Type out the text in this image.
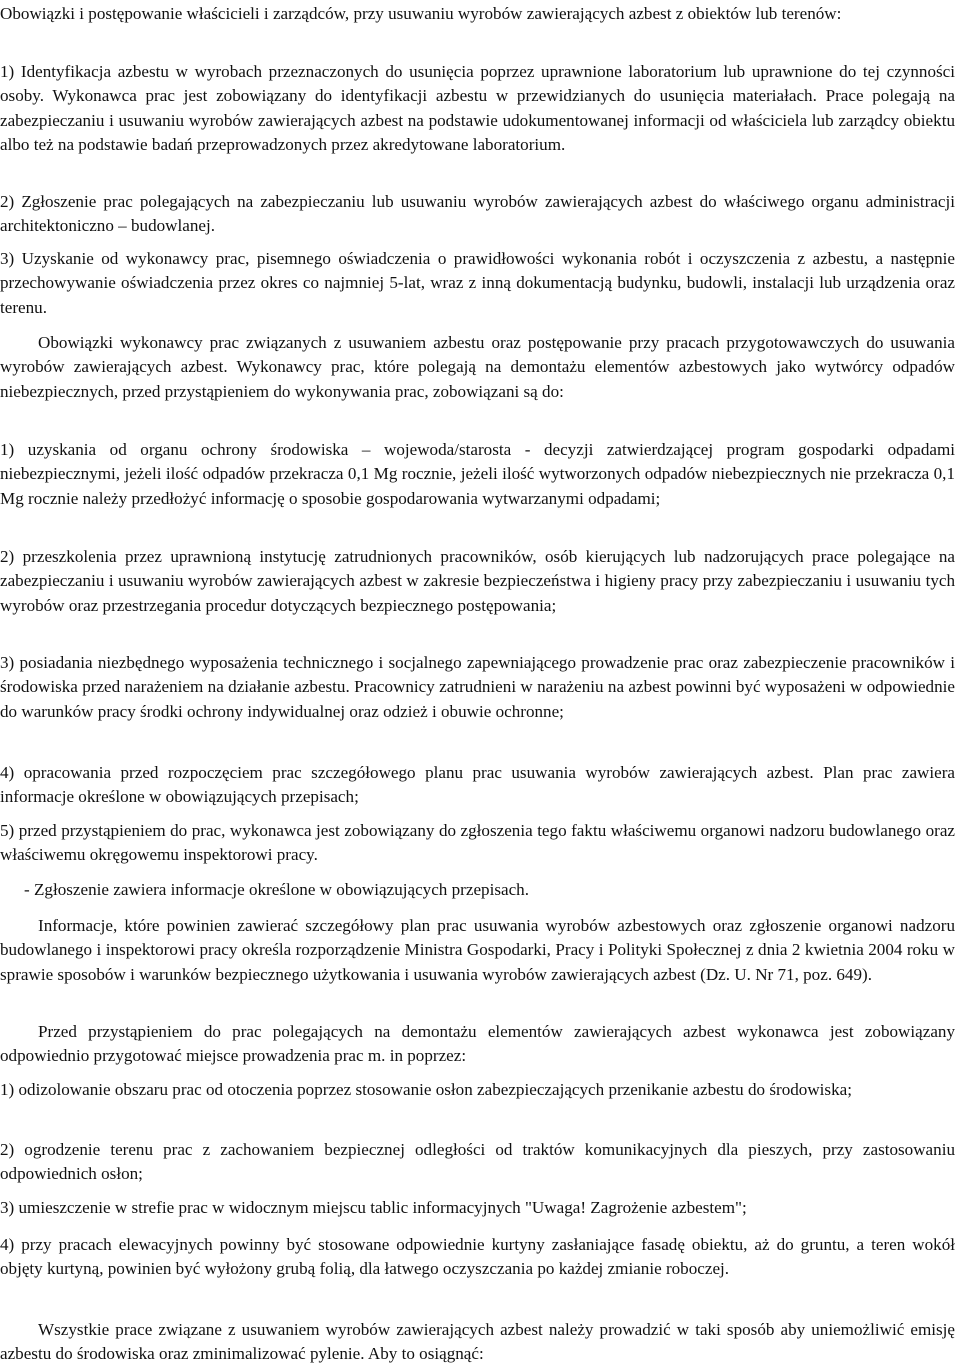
Obowiązki i postępowanie właścicieli i zarządców, przy usuwaniu wyrobów zawierających azbest z obiektów lub terenów:

1) Identyfikacja azbestu w wyrobach przeznaczonych do usunięcia poprzez uprawnione laboratorium lub uprawnione do tej czynności osoby. Wykonawca prac jest zobowiązany do identyfikacji azbestu w przewidzianych do usunięcia materiałach. Prace polegają na zabezpieczaniu i usuwaniu wyrobów zawierających azbest na podstawie udokumentowanej informacji od właściciela lub zarządcy obiektu albo też na podstawie badań przeprowadzonych przez akredytowane laboratorium.

2) Zgłoszenie prac polegających na zabezpieczaniu lub usuwaniu wyrobów zawierających azbest do właściwego organu administracji architektoniczno – budowlanej.

3) Uzyskanie od wykonawcy prac, pisemnego oświadczenia o prawidłowości wykonania robót i oczyszczenia z azbestu, a następnie przechowywanie oświadczenia przez okres co najmniej 5-lat, wraz z inną dokumentacją budynku, budowli, instalacji lub urządzenia oraz terenu.

Obowiązki wykonawcy prac związanych z usuwaniem azbestu oraz postępowanie przy pracach przygotowawczych do usuwania wyrobów zawierających azbest. Wykonawcy prac, które polegają na demontażu elementów azbestowych jako wytwórcy odpadów niebezpiecznych, przed przystąpieniem do wykonywania prac, zobowiązani są do:

1) uzyskania od organu ochrony środowiska – wojewoda/starosta - decyzji zatwierdzającej program gospodarki odpadami niebezpiecznymi, jeżeli ilość odpadów przekracza 0,1 Mg rocznie, jeżeli ilość wytworzonych odpadów niebezpiecznych nie przekracza 0,1 Mg rocznie należy przedłożyć informację o sposobie gospodarowania wytwarzanymi odpadami;

2) przeszkolenia przez uprawnioną instytucję zatrudnionych pracowników, osób kierujących lub nadzorujących prace polegające na zabezpieczaniu i usuwaniu wyrobów zawierających azbest w zakresie bezpieczeństwa i higieny pracy przy zabezpieczaniu i usuwaniu tych wyrobów oraz przestrzegania procedur dotyczących bezpiecznego postępowania;

3) posiadania niezbędnego wyposażenia technicznego i socjalnego zapewniającego prowadzenie prac oraz zabezpieczenie pracowników i środowiska przed narażeniem na działanie azbestu. Pracownicy zatrudnieni w narażeniu na azbest powinni być wyposażeni w odpowiednie do warunków pracy środki ochrony indywidualnej oraz odzież i obuwie ochronne;

4) opracowania przed rozpoczęciem prac szczegółowego planu prac usuwania wyrobów zawierających azbest. Plan prac zawiera informacje określone w obowiązujących przepisach;

5) przed przystąpieniem do prac, wykonawca jest zobowiązany do zgłoszenia tego faktu właściwemu organowi nadzoru budowlanego oraz właściwemu okręgowemu inspektorowi pracy.

- Zgłoszenie zawiera informacje określone w obowiązujących przepisach.

Informacje, które powinien zawierać szczegółowy plan prac usuwania wyrobów azbestowych oraz zgłoszenie organowi nadzoru budowlanego i inspektorowi pracy określa rozporządzenie Ministra Gospodarki, Pracy i Polityki Społecznej z dnia 2 kwietnia 2004 roku w sprawie sposobów i warunków bezpiecznego użytkowania i usuwania wyrobów zawierających azbest (Dz. U. Nr 71, poz. 649).

Przed przystąpieniem do prac polegających na demontażu elementów zawierających azbest wykonawca jest zobowiązany odpowiednio przygotować miejsce prowadzenia prac m. in poprzez:

1) odizolowanie obszaru prac od otoczenia poprzez stosowanie osłon zabezpieczających przenikanie azbestu do środowiska;

2) ogrodzenie terenu prac z zachowaniem bezpiecznej odległości od traktów komunikacyjnych dla pieszych, przy zastosowaniu odpowiednich osłon;

3) umieszczenie w strefie prac w widocznym miejscu tablic informacyjnych "Uwaga! Zagrożenie azbestem";

4) przy pracach elewacyjnych powinny być stosowane odpowiednie kurtyny zasłaniające fasadę obiektu, aż do gruntu, a teren wokół objęty kurtyną, powinien być wyłożony grubą folią, dla łatwego oczyszczania po każdej zmianie roboczej.

Wszystkie prace związane z usuwaniem wyrobów zawierających azbest należy prowadzić w taki sposób aby uniemożliwić emisję azbestu do środowiska oraz zminimalizować pylenie. Aby to osiągnąć:
